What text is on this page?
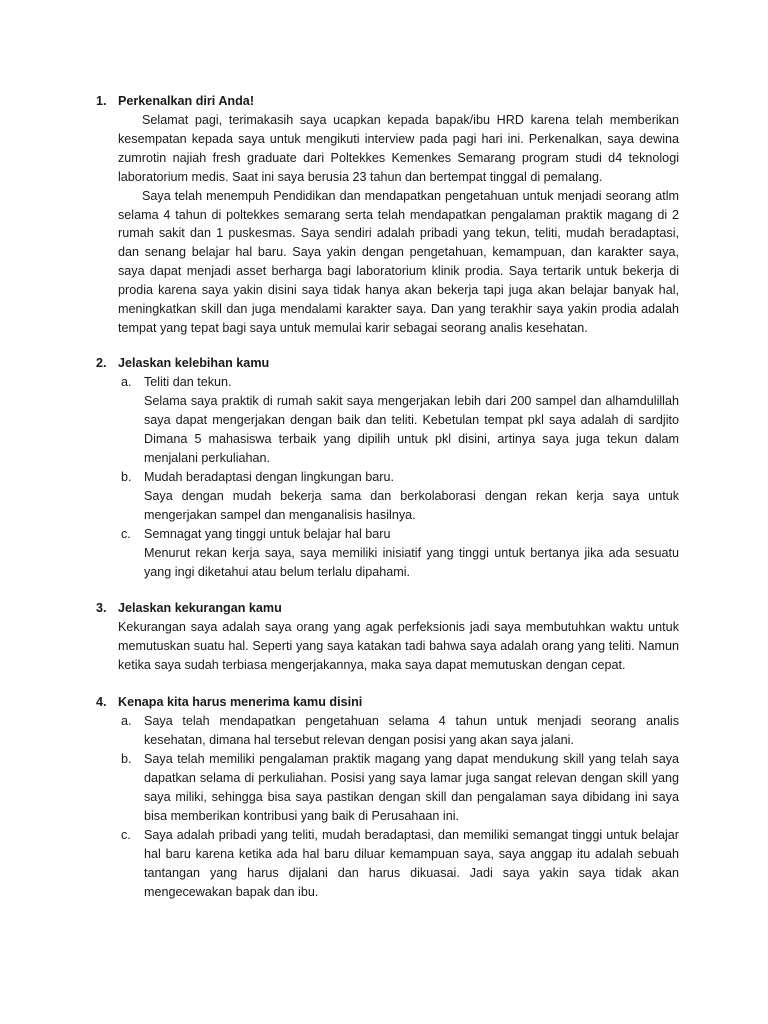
1. Perkenalkan diri Anda!

Selamat pagi, terimakasih saya ucapkan kepada bapak/ibu HRD karena telah memberikan kesempatan kepada saya untuk mengikuti interview pada pagi hari ini. Perkenalkan, saya dewina zumrotin najiah fresh graduate dari Poltekkes Kemenkes Semarang program studi d4 teknologi laboratorium medis. Saat ini saya berusia 23 tahun dan bertempat tinggal di pemalang.

Saya telah menempuh Pendidikan dan mendapatkan pengetahuan untuk menjadi seorang atlm selama 4 tahun di poltekkes semarang serta telah mendapatkan pengalaman praktik magang di 2 rumah sakit dan 1 puskesmas. Saya sendiri adalah pribadi yang tekun, teliti, mudah beradaptasi, dan senang belajar hal baru. Saya yakin dengan pengetahuan, kemampuan, dan karakter saya, saya dapat menjadi asset berharga bagi laboratorium klinik prodia. Saya tertarik untuk bekerja di prodia karena saya yakin disini saya tidak hanya akan bekerja tapi juga akan belajar banyak hal, meningkatkan skill dan juga mendalami karakter saya. Dan yang terakhir saya yakin prodia adalah tempat yang tepat bagi saya untuk memulai karir sebagai seorang analis kesehatan.

2. Jelaskan kelebihan kamu
a. Teliti dan tekun.

Selama saya praktik di rumah sakit saya mengerjakan lebih dari 200 sampel dan alhamdulillah saya dapat mengerjakan dengan baik dan teliti. Kebetulan tempat pkl saya adalah di sardjito Dimana 5 mahasiswa terbaik yang dipilih untuk pkl disini, artinya saya juga tekun dalam menjalani perkuliahan.

b. Mudah beradaptasi dengan lingkungan baru.

Saya dengan mudah bekerja sama dan berkolaborasi dengan rekan kerja saya untuk mengerjakan sampel dan menganalisis hasilnya.

c. Semnagat yang tinggi untuk belajar hal baru

Menurut rekan kerja saya, saya memiliki inisiatif yang tinggi untuk bertanya jika ada sesuatu yang ingi diketahui atau belum terlalu dipahami.

3. Jelaskan kekurangan kamu

Kekurangan saya adalah saya orang yang agak perfeksionis jadi saya membutuhkan waktu untuk memutuskan suatu hal. Seperti yang saya katakan tadi bahwa saya adalah orang yang teliti. Namun ketika saya sudah terbiasa mengerjakannya, maka saya dapat memutuskan dengan cepat.

4. Kenapa kita harus menerima kamu disini
a. Saya telah mendapatkan pengetahuan selama 4 tahun untuk menjadi seorang analis kesehatan, dimana hal tersebut relevan dengan posisi yang akan saya jalani.

b. Saya telah memiliki pengalaman praktik magang yang dapat mendukung skill yang telah saya dapatkan selama di perkuliahan. Posisi yang saya lamar juga sangat relevan dengan skill yang saya miliki, sehingga bisa saya pastikan dengan skill dan pengalaman saya dibidang ini saya bisa memberikan kontribusi yang baik di Perusahaan ini.

c. Saya adalah pribadi yang teliti, mudah beradaptasi, dan memiliki semangat tinggi untuk belajar hal baru karena ketika ada hal baru diluar kemampuan saya, saya anggap itu adalah sebuah tantangan yang harus dijalani dan harus dikuasai. Jadi saya yakin saya tidak akan mengecewakan bapak dan ibu.
